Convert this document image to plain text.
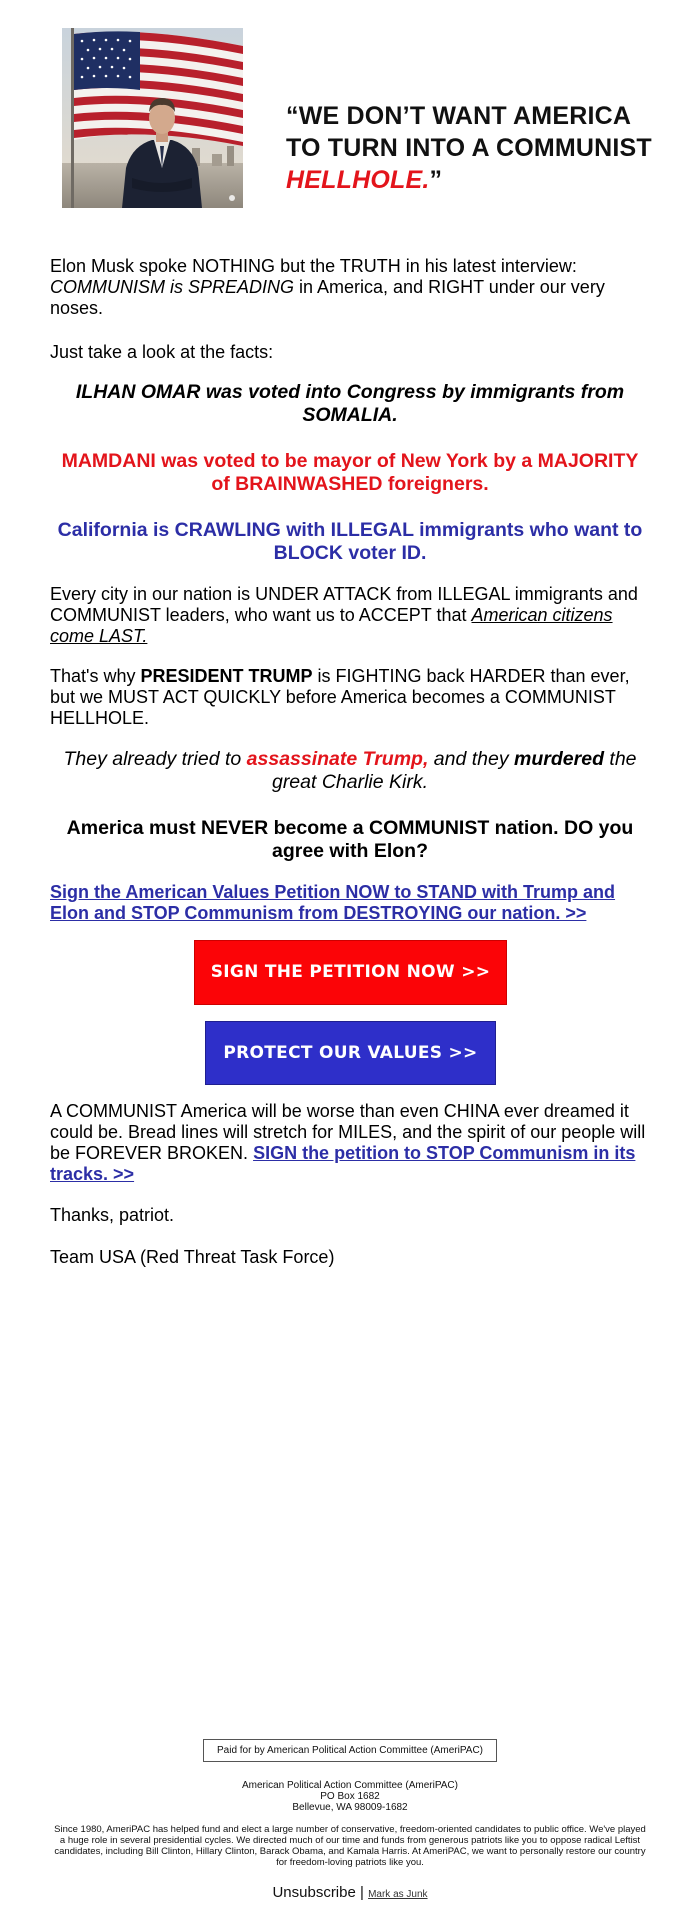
“WE DON’T WANT AMERICA
TO TURN INTO A COMMUNIST
HELLHOLE.”

Elon Musk spoke NOTHING but the TRUTH in his latest interview: COMMUNISM is SPREADING in America, and RIGHT under our very noses.

Just take a look at the facts:

ILHAN OMAR was voted into Congress by immigrants from SOMALIA.

MAMDANI was voted to be mayor of New York by a MAJORITY of BRAINWASHED foreigners.

California is CRAWLING with ILLEGAL immigrants who want to BLOCK voter ID.

Every city in our nation is UNDER ATTACK from ILLEGAL immigrants and COMMUNIST leaders, who want us to ACCEPT that American citizens come LAST.

That's why PRESIDENT TRUMP is FIGHTING back HARDER than ever, but we MUST ACT QUICKLY before America becomes a COMMUNIST HELLHOLE.

They already tried to assassinate Trump, and they murdered the great Charlie Kirk.

America must NEVER become a COMMUNIST nation. DO you agree with Elon?

Sign the American Values Petition NOW to STAND with Trump and Elon and STOP Communism from DESTROYING our nation. >>
SIGN THE PETITION NOW >>
PROTECT OUR VALUES >>

A COMMUNIST America will be worse than even CHINA ever dreamed it could be. Bread lines will stretch for MILES, and the spirit of our people will be FOREVER BROKEN. SIGN the petition to STOP Communism in its tracks. >>

Thanks, patriot.

Team USA (Red Threat Task Force)

Paid for by American Political Action Committee (AmeriPAC)
American Political Action Committee (AmeriPAC)
PO Box 1682
Bellevue, WA 98009-1682
Since 1980, AmeriPAC has helped fund and elect a large number of conservative, freedom-oriented candidates to public office. We've played a huge role in several presidential cycles. We directed much of our time and funds from generous patriots like you to oppose radical Leftist candidates, including Bill Clinton, Hillary Clinton, Barack Obama, and Kamala Harris. At AmeriPAC, we want to personally restore our country for freedom-loving patriots like you.
Unsubscribe | Mark as Junk
